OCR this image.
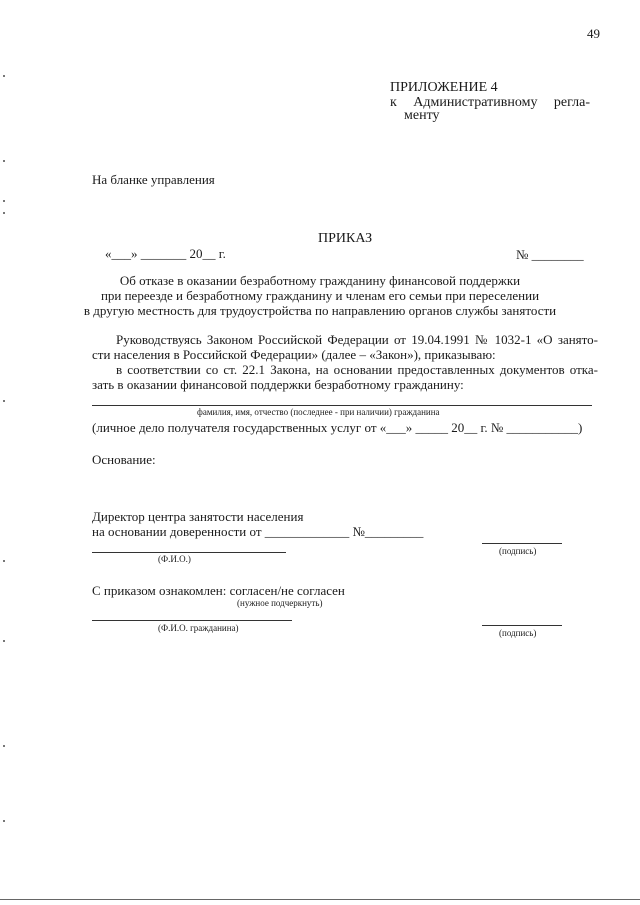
49
ПРИЛОЖЕНИЕ 4
к Административному регла-
менту
На бланке управления
ПРИКАЗ
«___» _______ 20__ г.	№ ________
Об отказе в оказании безработному гражданину финансовой поддержки
при переезде и безработному гражданину и членам его семьи при переселении
в другую местность для трудоустройства по направлению органов службы занятости
Руководствуясь Законом Российской Федерации от 19.04.1991 № 1032-1 «О занято-
сти населения в Российской Федерации» (далее – «Закон»), приказываю:
в соответствии со ст. 22.1 Закона, на основании предоставленных документов отка-
зать в оказании финансовой поддержки безработному гражданину:
фамилия, имя, отчество (последнее - при наличии) гражданина
(личное дело получателя государственных услуг от «___» _____ 20__ г. № ___________)
Основание:
Директор центра занятости населения
на основании доверенности от _____________ №_________
(Ф.И.О.)
(подпись)
С приказом ознакомлен: согласен/не согласен
(нужное подчеркнуть)
(Ф.И.О. гражданина)	(подпись)
